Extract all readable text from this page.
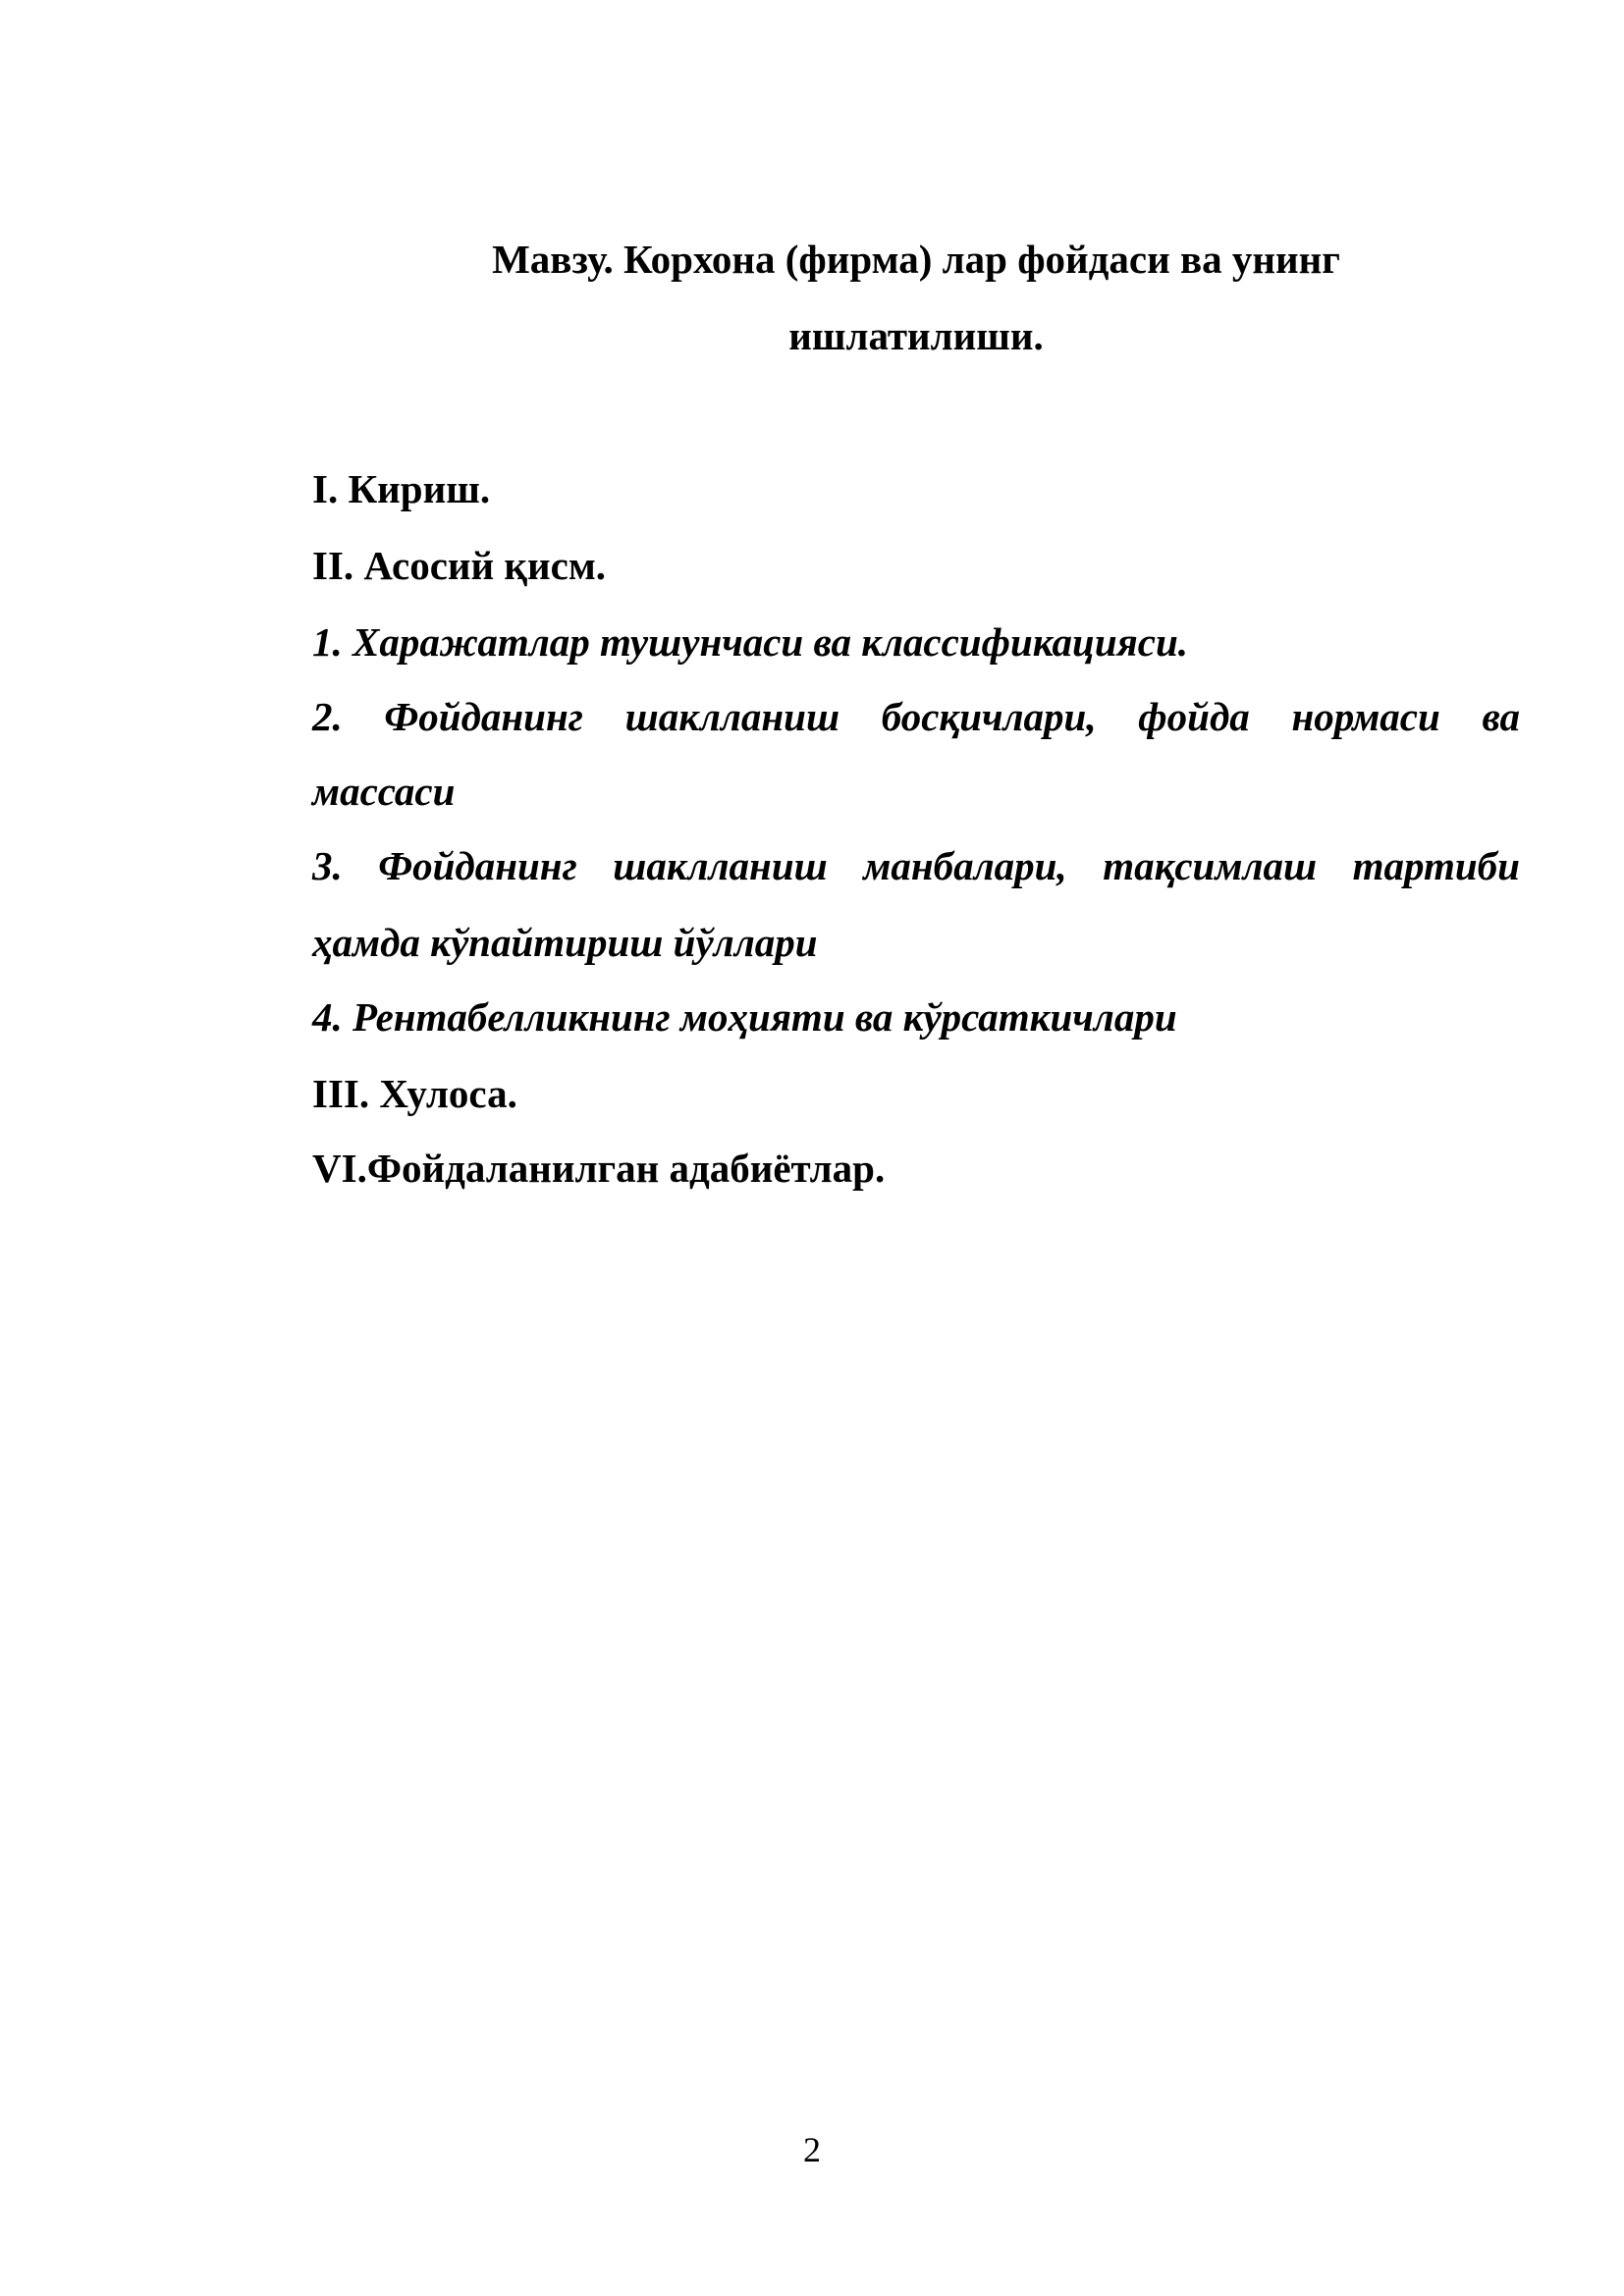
Мавзу. Корхона (фирма) лар фойдаси ва унинг
ишлатилиши.
I. Кириш.
II. Асосий қисм.
1. Харажатлар тушунчаси ва классификацияси.
2. Фойданинг шаклланиш босқичлари, фойда нормаси ва
массаси
3. Фойданинг шаклланиш манбалари, тақсимлаш тартиби
ҳамда кўпайтириш йўллари
4. Рентабелликнинг моҳияти ва кўрсаткичлари
III. Хулоса.
VI.Фойдаланилган адабиётлар.
2
